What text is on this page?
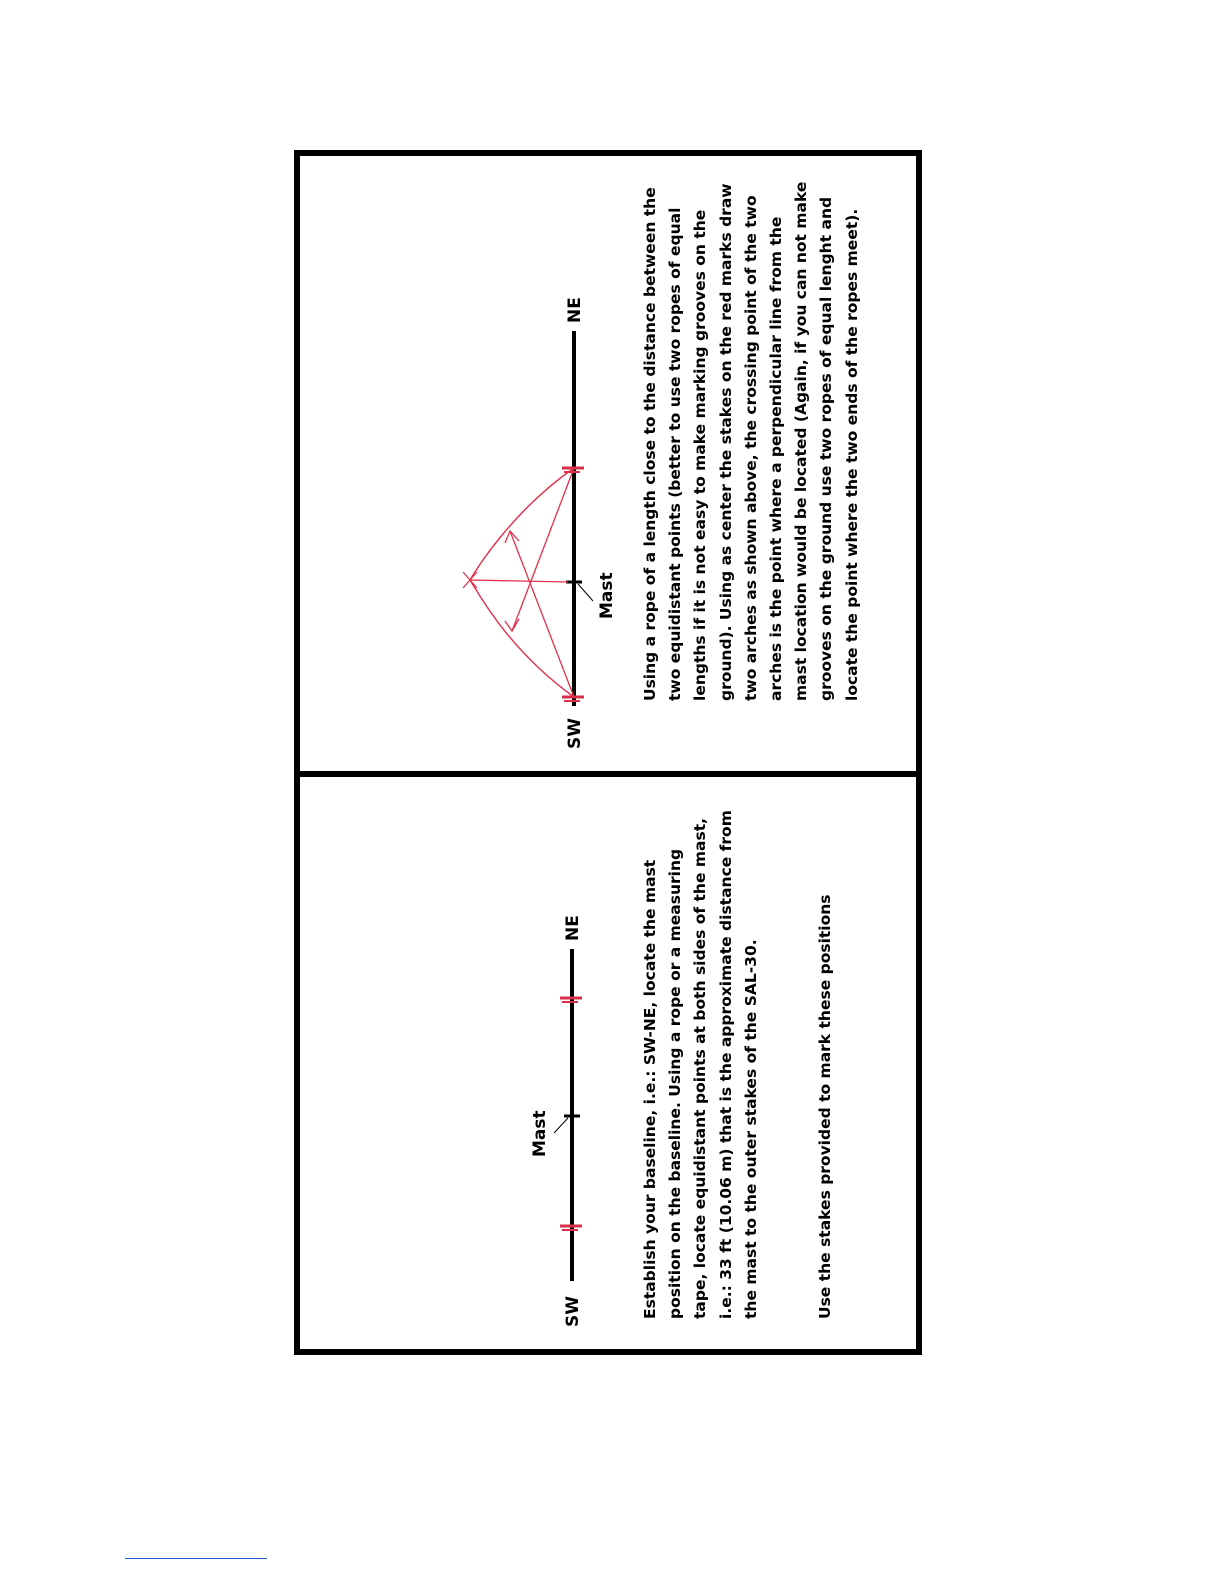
SW
NE
Mast Using a rope of a length close to the distance between the two equidistant points (better to use two ropes of equal lengths if it is not easy to make marking grooves on the ground). Using as center the stakes on the red marks draw two arches as shown above, the crossing point of the two arches is the point where a perpendicular line from the mast location would be located (Again, if you can not make grooves on the ground use two ropes of equal lenght and locate the point where the two ends of the ropes meet).

SW
NE
Mast	Establish your baseline, i.e.: SW-NE, locate the mast position on the baseline. Using a rope or a measuring tape, locate equidistant points at both sides of the mast, i.e.: 33 ft (10.06 m) that is the approximate distance from the mast to the outer stakes of the SAL-30.	Use the stakes provided to mark these positions
